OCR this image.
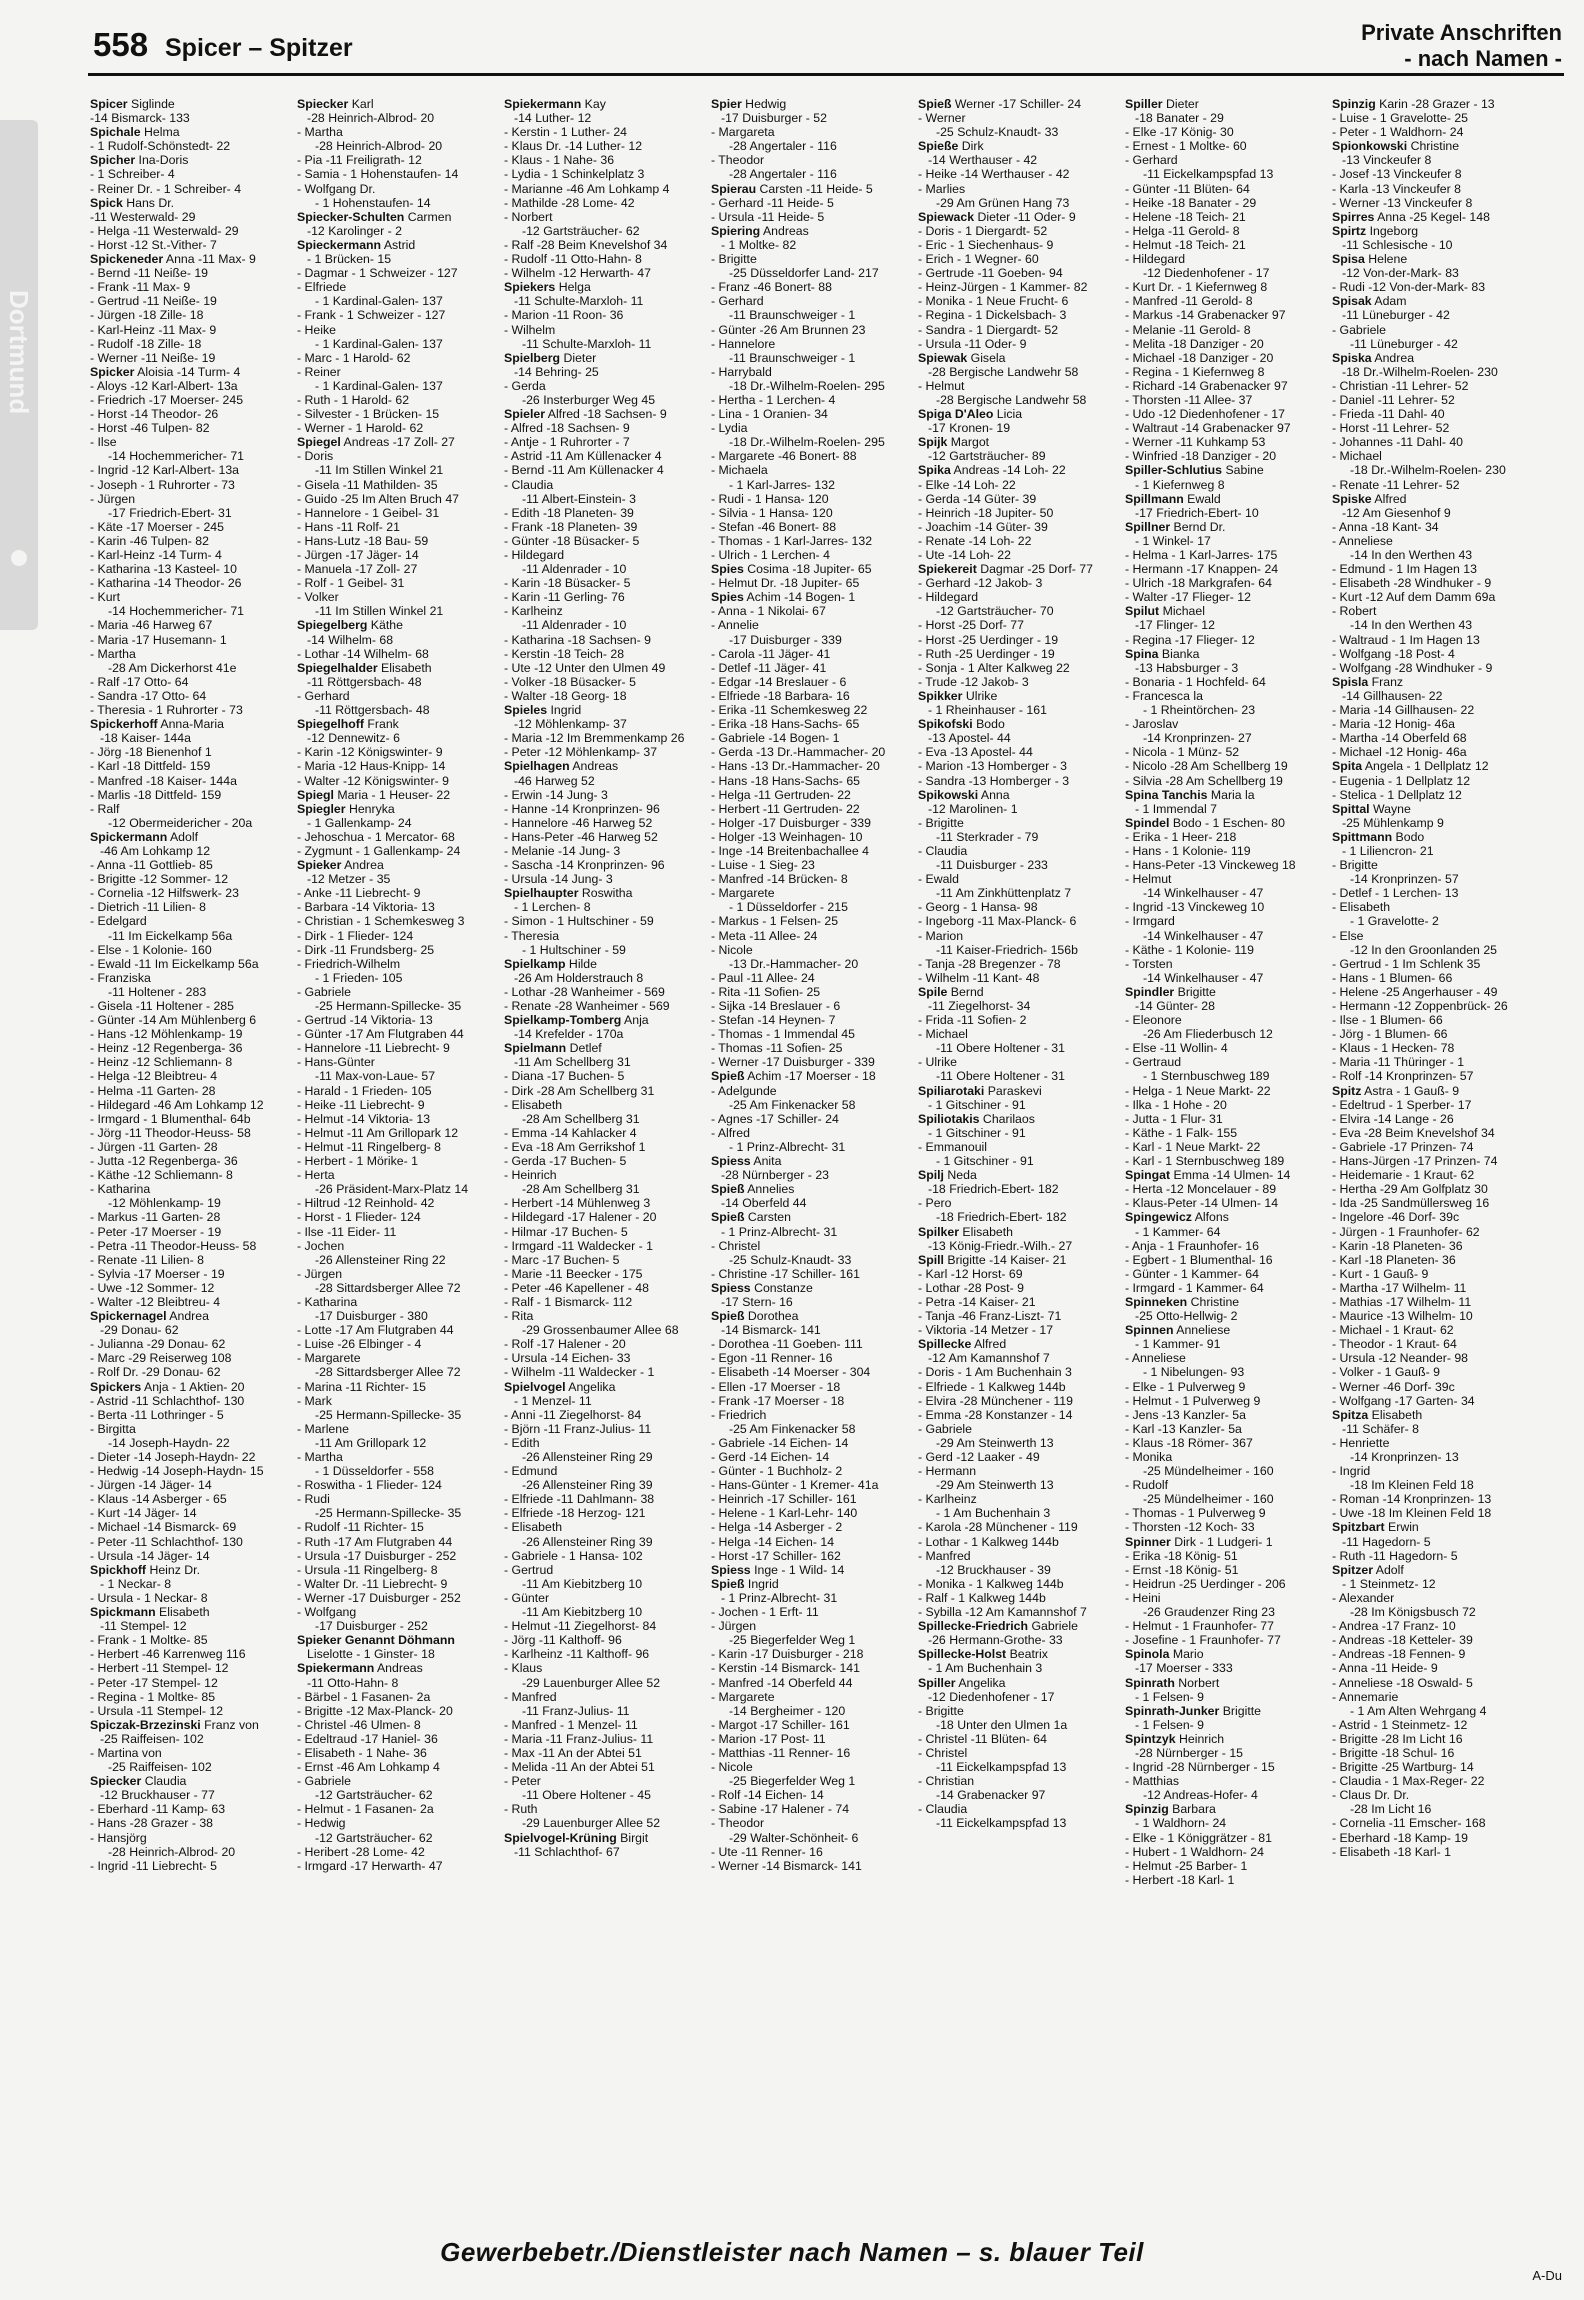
Dortmund
558 Spicer – Spitzer
Private Anschriften
- nach Namen -
Spicer Siglinde
-14 Bismarck- 133
Spichale Helma
- 1 Rudolf-Schönstedt- 22
Spicher Ina-Doris
- 1 Schreiber- 4
- Reiner Dr. - 1 Schreiber- 4
Spick Hans Dr.
-11 Westerwald- 29
- Helga -11 Westerwald- 29
- Horst -12 St.-Vither- 7
Spickeneder Anna -11 Max- 9
- Bernd -11 Neiße- 19
- Frank -11 Max- 9
- Gertrud -11 Neiße- 19
- Jürgen -18 Zille- 18
- Karl-Heinz -11 Max- 9
- Rudolf -18 Zille- 18
- Werner -11 Neiße- 19
Spicker Aloisia -14 Turm- 4
- Aloys -12 Karl-Albert- 13a
- Friedrich -17 Moerser- 245
- Horst -14 Theodor- 26
- Horst -46 Tulpen- 82
- Ilse
-14 Hochemmericher- 71
- Ingrid -12 Karl-Albert- 13a
- Joseph - 1 Ruhrorter - 73
- Jürgen
-17 Friedrich-Ebert- 31
- Käte -17 Moerser - 245
- Karin -46 Tulpen- 82
- Karl-Heinz -14 Turm- 4
- Katharina -13 Kasteel- 10
- Katharina -14 Theodor- 26
- Kurt
-14 Hochemmericher- 71
- Maria -46 Harweg 67
- Maria -17 Husemann- 1
- Martha
-28 Am Dickerhorst 41e
- Ralf -17 Otto- 64
- Sandra -17 Otto- 64
- Theresia - 1 Ruhrorter - 73
Spickerhoff Anna-Maria
-18 Kaiser- 144a
- Jörg -18 Bienenhof 1
- Karl -18 Dittfeld- 159
- Manfred -18 Kaiser- 144a
- Marlis -18 Dittfeld- 159
- Ralf
-12 Obermeidericher - 20a
Spickermann Adolf
-46 Am Lohkamp 12
- Anna -11 Gottlieb- 85
- Brigitte -12 Sommer- 12
- Cornelia -12 Hilfswerk- 23
- Dietrich -11 Lilien- 8
- Edelgard
-11 Im Eickelkamp 56a
- Else - 1 Kolonie- 160
- Ewald -11 Im Eickelkamp 56a
- Franziska
-11 Holtener - 283
- Gisela -11 Holtener - 285
- Günter -14 Am Mühlenberg 6
- Hans -12 Möhlenkamp- 19
- Heinz -12 Regenberga- 36
- Heinz -12 Schliemann- 8
- Helga -12 Bleibtreu- 4
- Helma -11 Garten- 28
- Hildegard -46 Am Lohkamp 12
- Irmgard - 1 Blumenthal- 64b
- Jörg -11 Theodor-Heuss- 58
- Jürgen -11 Garten- 28
- Jutta -12 Regenberga- 36
- Käthe -12 Schliemann- 8
- Katharina
-12 Möhlenkamp- 19
- Markus -11 Garten- 28
- Peter -17 Moerser - 19
- Petra -11 Theodor-Heuss- 58
- Renate -11 Lilien- 8
- Sylvia -17 Moerser - 19
- Uwe -12 Sommer- 12
- Walter -12 Bleibtreu- 4
Spickernagel Andrea
-29 Donau- 62
- Julianna -29 Donau- 62
- Marc -29 Reiserweg 108
- Rolf Dr. -29 Donau- 62
Spickers Anja - 1 Aktien- 20
- Astrid -11 Schlachthof- 130
- Berta -11 Lothringer - 5
- Birgitta
-14 Joseph-Haydn- 22
- Dieter -14 Joseph-Haydn- 22
- Hedwig -14 Joseph-Haydn- 15
- Jürgen -14 Jäger- 14
- Klaus -14 Asberger - 65
- Kurt -14 Jäger- 14
- Michael -14 Bismarck- 69
- Peter -11 Schlachthof- 130
- Ursula -14 Jäger- 14
Spickhoff Heinz Dr.
- 1 Neckar- 8
- Ursula - 1 Neckar- 8
Spickmann Elisabeth
-11 Stempel- 12
- Frank - 1 Moltke- 85
- Herbert -46 Karrenweg 116
- Herbert -11 Stempel- 12
- Peter -17 Stempel- 12
- Regina - 1 Moltke- 85
- Ursula -11 Stempel- 12
Spiczak-Brzezinski Franz von
-25 Raiffeisen- 102
- Martina von
-25 Raiffeisen- 102
Spiecker Claudia
-12 Bruckhauser - 77
- Eberhard -11 Kamp- 63
- Hans -28 Grazer - 38
- Hansjörg
-28 Heinrich-Albrod- 20
- Ingrid -11 Liebrecht- 5
Spiecker Karl
-28 Heinrich-Albrod- 20
- Martha
-28 Heinrich-Albrod- 20
- Pia -11 Freiligrath- 12
- Samia - 1 Hohenstaufen- 14
- Wolfgang Dr.
- 1 Hohenstaufen- 14
Spiecker-Schulten Carmen
-12 Karolinger - 2
Spieckermann Astrid
- 1 Brücken- 15
- Dagmar - 1 Schweizer - 127
- Elfriede
- 1 Kardinal-Galen- 137
- Frank - 1 Schweizer - 127
- Heike
- 1 Kardinal-Galen- 137
- Marc - 1 Harold- 62
- Reiner
- 1 Kardinal-Galen- 137
- Ruth - 1 Harold- 62
- Silvester - 1 Brücken- 15
- Werner - 1 Harold- 62
Spiegel Andreas -17 Zoll- 27
- Doris
-11 Im Stillen Winkel 21
- Gisela -11 Mathilden- 35
- Guido -25 Im Alten Bruch 47
- Hannelore - 1 Geibel- 31
- Hans -11 Rolf- 21
- Hans-Lutz -18 Bau- 59
- Jürgen -17 Jäger- 14
- Manuela -17 Zoll- 27
- Rolf - 1 Geibel- 31
- Volker
-11 Im Stillen Winkel 21
Spiegelberg Käthe
-14 Wilhelm- 68
- Lothar -14 Wilhelm- 68
Spiegelhalder Elisabeth
-11 Röttgersbach- 48
- Gerhard
-11 Röttgersbach- 48
Spiegelhoff Frank
-12 Dennewitz- 6
- Karin -12 Königswinter- 9
- Maria -12 Haus-Knipp- 14
- Walter -12 Königswinter- 9
Spiegl Maria - 1 Heuser- 22
Spiegler Henryka
- 1 Gallenkamp- 24
- Jehoschua - 1 Mercator- 68
- Zygmunt - 1 Gallenkamp- 24
Spieker Andrea
-12 Metzer - 35
- Anke -11 Liebrecht- 9
- Barbara -14 Viktoria- 13
- Christian - 1 Schemkesweg 3
- Dirk - 1 Flieder- 124
- Dirk -11 Frundsberg- 25
- Friedrich-Wilhelm
- 1 Frieden- 105
- Gabriele
-25 Hermann-Spillecke- 35
- Gertrud -14 Viktoria- 13
- Günter -17 Am Flutgraben 44
- Hannelore -11 Liebrecht- 9
- Hans-Günter
-11 Max-von-Laue- 57
- Harald - 1 Frieden- 105
- Heike -11 Liebrecht- 9
- Helmut -14 Viktoria- 13
- Helmut -11 Am Grillopark 12
- Helmut -11 Ringelberg- 8
- Herbert - 1 Mörike- 1
- Herta
-26 Präsident-Marx-Platz 14
- Hiltrud -12 Reinhold- 42
- Horst - 1 Flieder- 124
- Ilse -11 Eider- 11
- Jochen
-26 Allensteiner Ring 22
- Jürgen
-28 Sittardsberger Allee 72
- Katharina
-17 Duisburger - 380
- Lotte -17 Am Flutgraben 44
- Luise -26 Elbinger - 4
- Margarete
-28 Sittardsberger Allee 72
- Marina -11 Richter- 15
- Mark
-25 Hermann-Spillecke- 35
- Marlene
-11 Am Grillopark 12
- Martha
- 1 Düsseldorfer - 558
- Roswitha - 1 Flieder- 124
- Rudi
-25 Hermann-Spillecke- 35
- Rudolf -11 Richter- 15
- Ruth -17 Am Flutgraben 44
- Ursula -17 Duisburger - 252
- Ursula -11 Ringelberg- 8
- Walter Dr. -11 Liebrecht- 9
- Werner -17 Duisburger - 252
- Wolfgang
-17 Duisburger - 252
Spieker Genannt Döhmann
Liselotte - 1 Ginster- 18
Spiekermann Andreas
-11 Otto-Hahn- 8
- Bärbel - 1 Fasanen- 2a
- Brigitte -12 Max-Planck- 20
- Christel -46 Ulmen- 8
- Edeltraud -17 Haniel- 36
- Elisabeth - 1 Nahe- 36
- Ernst -46 Am Lohkamp 4
- Gabriele
-12 Gartsträucher- 62
- Helmut - 1 Fasanen- 2a
- Hedwig
-12 Gartsträucher- 62
- Heribert -28 Lome- 42
- Irmgard -17 Herwarth- 47
Spiekermann Kay
-14 Luther- 12
- Kerstin - 1 Luther- 24
- Klaus Dr. -14 Luther- 12
- Klaus - 1 Nahe- 36
- Lydia - 1 Schinkelplatz 3
- Marianne -46 Am Lohkamp 4
- Mathilde -28 Lome- 42
- Norbert
-12 Gartsträucher- 62
- Ralf -28 Beim Knevelshof 34
- Rudolf -11 Otto-Hahn- 8
- Wilhelm -12 Herwarth- 47
Spiekers Helga
-11 Schulte-Marxloh- 11
- Marion -11 Roon- 36
- Wilhelm
-11 Schulte-Marxloh- 11
Spielberg Dieter
-14 Behring- 25
- Gerda
-26 Insterburger Weg 45
Spieler Alfred -18 Sachsen- 9
- Alfred -18 Sachsen- 9
- Antje - 1 Ruhrorter - 7
- Astrid -11 Am Küllenacker 4
- Bernd -11 Am Küllenacker 4
- Claudia
-11 Albert-Einstein- 3
- Edith -18 Planeten- 39
- Frank -18 Planeten- 39
- Günter -18 Büsacker- 5
- Hildegard
-11 Aldenrader - 10
- Karin -18 Büsacker- 5
- Karin -11 Gerling- 76
- Karlheinz
-11 Aldenrader - 10
- Katharina -18 Sachsen- 9
- Kerstin -18 Teich- 28
- Ute -12 Unter den Ulmen 49
- Volker -18 Büsacker- 5
- Walter -18 Georg- 18
Spieles Ingrid
-12 Möhlenkamp- 37
- Maria -12 Im Bremmenkamp 26
- Peter -12 Möhlenkamp- 37
Spielhagen Andreas
-46 Harweg 52
- Erwin -14 Jung- 3
- Hanne -14 Kronprinzen- 96
- Hannelore -46 Harweg 52
- Hans-Peter -46 Harweg 52
- Melanie -14 Jung- 3
- Sascha -14 Kronprinzen- 96
- Ursula -14 Jung- 3
Spielhaupter Roswitha
- 1 Lerchen- 8
- Simon - 1 Hultschiner - 59
- Theresia
- 1 Hultschiner - 59
Spielkamp Hilde
-26 Am Holderstrauch 8
- Lothar -28 Wanheimer - 569
- Renate -28 Wanheimer - 569
Spielkamp-Tomberg Anja
-14 Krefelder - 170a
Spielmann Detlef
-11 Am Schellberg 31
- Diana -17 Buchen- 5
- Dirk -28 Am Schellberg 31
- Elisabeth
-28 Am Schellberg 31
- Emma -14 Kahlacker 4
- Eva -18 Am Gerrikshof 1
- Gerda -17 Buchen- 5
- Heinrich
-28 Am Schellberg 31
- Herbert -14 Mühlenweg 3
- Hildegard -17 Halener - 20
- Hilmar -17 Buchen- 5
- Irmgard -11 Waldecker - 1
- Marc -17 Buchen- 5
- Marie -11 Beecker - 175
- Peter -46 Kapellener - 48
- Ralf - 1 Bismarck- 112
- Rita
-29 Grossenbaumer Allee 68
- Rolf -17 Halener - 20
- Ursula -14 Eichen- 33
- Wilhelm -11 Waldecker - 1
Spielvogel Angelika
- 1 Menzel- 11
- Anni -11 Ziegelhorst- 84
- Björn -11 Franz-Julius- 11
- Edith
-26 Allensteiner Ring 29
- Edmund
-26 Allensteiner Ring 39
- Elfriede -11 Dahlmann- 38
- Elfriede -18 Herzog- 121
- Elisabeth
-26 Allensteiner Ring 39
- Gabriele - 1 Hansa- 102
- Gertrud
-11 Am Kiebitzberg 10
- Günter
-11 Am Kiebitzberg 10
- Helmut -11 Ziegelhorst- 84
- Jörg -11 Kalthoff- 96
- Karlheinz -11 Kalthoff- 96
- Klaus
-29 Lauenburger Allee 52
- Manfred
-11 Franz-Julius- 11
- Manfred - 1 Menzel- 11
- Maria -11 Franz-Julius- 11
- Max -11 An der Abtei 51
- Melida -11 An der Abtei 51
- Peter
-11 Obere Holtener - 45
- Ruth
-29 Lauenburger Allee 52
Spielvogel-Krüning Birgit
-11 Schlachthof- 67
Spier Hedwig
-17 Duisburger - 52
- Margareta
-28 Angertaler - 116
- Theodor
-28 Angertaler - 116
Spierau Carsten -11 Heide- 5
- Gerhard -11 Heide- 5
- Ursula -11 Heide- 5
Spiering Andreas
- 1 Moltke- 82
- Brigitte
-25 Düsseldorfer Land- 217
- Franz -46 Bonert- 88
- Gerhard
-11 Braunschweiger - 1
- Günter -26 Am Brunnen 23
- Hannelore
-11 Braunschweiger - 1
- Harrybald
-18 Dr.-Wilhelm-Roelen- 295
- Hertha - 1 Lerchen- 4
- Lina - 1 Oranien- 34
- Lydia
-18 Dr.-Wilhelm-Roelen- 295
- Margarete -46 Bonert- 88
- Michaela
- 1 Karl-Jarres- 132
- Rudi - 1 Hansa- 120
- Silvia - 1 Hansa- 120
- Stefan -46 Bonert- 88
- Thomas - 1 Karl-Jarres- 132
- Ulrich - 1 Lerchen- 4
Spies Cosima -18 Jupiter- 65
- Helmut Dr. -18 Jupiter- 65
Spies Achim -14 Bogen- 1
- Anna - 1 Nikolai- 67
- Annelie
-17 Duisburger - 339
- Carola -11 Jäger- 41
- Detlef -11 Jäger- 41
- Edgar -14 Breslauer - 6
- Elfriede -18 Barbara- 16
- Erika -11 Schemkesweg 22
- Erika -18 Hans-Sachs- 65
- Gabriele -14 Bogen- 1
- Gerda -13 Dr.-Hammacher- 20
- Hans -13 Dr.-Hammacher- 20
- Hans -18 Hans-Sachs- 65
- Helga -11 Gertruden- 22
- Herbert -11 Gertruden- 22
- Holger -17 Duisburger - 339
- Holger -13 Weinhagen- 10
- Inge -14 Breitenbachallee 4
- Luise - 1 Sieg- 23
- Manfred -14 Brücken- 8
- Margarete
- 1 Düsseldorfer - 215
- Markus - 1 Felsen- 25
- Meta -11 Allee- 24
- Nicole
-13 Dr.-Hammacher- 20
- Paul -11 Allee- 24
- Rita -11 Sofien- 25
- Sijka -14 Breslauer - 6
- Stefan -14 Heynen- 7
- Thomas - 1 Immendal 45
- Thomas -11 Sofien- 25
- Werner -17 Duisburger - 339
Spieß Achim -17 Moerser - 18
- Adelgunde
-25 Am Finkenacker 58
- Agnes -17 Schiller- 24
- Alfred
- 1 Prinz-Albrecht- 31
Spiess Anita
-28 Nürnberger - 23
Spieß Annelies
-14 Oberfeld 44
Spieß Carsten
- 1 Prinz-Albrecht- 31
- Christel
-25 Schulz-Knaudt- 33
- Christine -17 Schiller- 161
Spiess Constanze
-17 Stern- 16
Spieß Dorothea
-14 Bismarck- 141
- Dorothea -11 Goeben- 111
- Egon -11 Renner- 16
- Elisabeth -14 Moerser - 304
- Ellen -17 Moerser - 18
- Frank -17 Moerser - 18
- Friedrich
-25 Am Finkenacker 58
- Gabriele -14 Eichen- 14
- Gerd -14 Eichen- 14
- Günter - 1 Buchholz- 2
- Hans-Günter - 1 Kremer- 41a
- Heinrich -17 Schiller- 161
- Helene - 1 Karl-Lehr- 140
- Helga -14 Asberger - 2
- Helga -14 Eichen- 14
- Horst -17 Schiller- 162
Spiess Inge - 1 Wild- 14
Spieß Ingrid
- 1 Prinz-Albrecht- 31
- Jochen - 1 Erft- 11
- Jürgen
-25 Biegerfelder Weg 1
- Karin -17 Duisburger - 218
- Kerstin -14 Bismarck- 141
- Manfred -14 Oberfeld 44
- Margarete
-14 Bergheimer - 120
- Margot -17 Schiller- 161
- Marion -17 Post- 11
- Matthias -11 Renner- 16
- Nicole
-25 Biegerfelder Weg 1
- Rolf -14 Eichen- 14
- Sabine -17 Halener - 74
- Theodor
-29 Walter-Schönheit- 6
- Ute -11 Renner- 16
- Werner -14 Bismarck- 141
Spieß Werner -17 Schiller- 24
- Werner
-25 Schulz-Knaudt- 33
Spieße Dirk
-14 Werthauser - 42
- Heike -14 Werthauser - 42
- Marlies
-29 Am Grünen Hang 73
Spiewack Dieter -11 Oder- 9
- Doris - 1 Diergardt- 52
- Eric - 1 Siechenhaus- 9
- Erich - 1 Wegner- 60
- Gertrude -11 Goeben- 94
- Heinz-Jürgen - 1 Kammer- 82
- Monika - 1 Neue Frucht- 6
- Regina - 1 Dickelsbach- 3
- Sandra - 1 Diergardt- 52
- Ursula -11 Oder- 9
Spiewak Gisela
-28 Bergische Landwehr 58
- Helmut
-28 Bergische Landwehr 58
Spiga D'Aleo Licia
-17 Kronen- 19
Spijk Margot
-12 Gartsträucher- 89
Spika Andreas -14 Loh- 22
- Elke -14 Loh- 22
- Gerda -14 Güter- 39
- Heinrich -18 Jupiter- 50
- Joachim -14 Güter- 39
- Renate -14 Loh- 22
- Ute -14 Loh- 22
Spiekereit Dagmar -25 Dorf- 77
- Gerhard -12 Jakob- 3
- Hildegard
-12 Gartsträucher- 70
- Horst -25 Dorf- 77
- Horst -25 Uerdinger - 19
- Ruth -25 Uerdinger - 19
- Sonja - 1 Alter Kalkweg 22
- Trude -12 Jakob- 3
Spikker Ulrike
- 1 Rheinhauser - 161
Spikofski Bodo
-13 Apostel- 44
- Eva -13 Apostel- 44
- Marion -13 Homberger - 3
- Sandra -13 Homberger - 3
Spikowski Anna
-12 Marolinen- 1
- Brigitte
-11 Sterkrader - 79
- Claudia
-11 Duisburger - 233
- Ewald
-11 Am Zinkhüttenplatz 7
- Georg - 1 Hansa- 98
- Ingeborg -11 Max-Planck- 6
- Marion
-11 Kaiser-Friedrich- 156b
- Tanja -28 Bregenzer - 78
- Wilhelm -11 Kant- 48
Spile Bernd
-11 Ziegelhorst- 34
- Frida -11 Sofien- 2
- Michael
-11 Obere Holtener - 31
- Ulrike
-11 Obere Holtener - 31
Spiliarotaki Paraskevi
- 1 Gitschiner - 91
Spiliotakis Charilaos
- 1 Gitschiner - 91
- Emmanouil
- 1 Gitschiner - 91
Spilj Neda
-18 Friedrich-Ebert- 182
- Pero
-18 Friedrich-Ebert- 182
Spilker Elisabeth
-13 König-Friedr.-Wilh.- 27
Spill Brigitte -14 Kaiser- 21
- Karl -12 Horst- 69
- Lothar -28 Post- 9
- Petra -14 Kaiser- 21
- Tanja -46 Franz-Liszt- 71
- Viktoria -14 Metzer - 17
Spillecke Alfred
-12 Am Kamannshof 7
- Doris - 1 Am Buchenhain 3
- Elfriede - 1 Kalkweg 144b
- Elvira -28 Münchener - 119
- Emma -28 Konstanzer - 14
- Gabriele
-29 Am Steinwerth 13
- Gerd -12 Laaker - 49
- Hermann
-29 Am Steinwerth 13
- Karlheinz
- 1 Am Buchenhain 3
- Karola -28 Münchener - 119
- Lothar - 1 Kalkweg 144b
- Manfred
-12 Bruckhauser - 39
- Monika - 1 Kalkweg 144b
- Ralf - 1 Kalkweg 144b
- Sybilla -12 Am Kamannshof 7
Spillecke-Friedrich Gabriele
-26 Hermann-Grothe- 33
Spillecke-Holst Beatrix
- 1 Am Buchenhain 3
Spiller Angelika
-12 Diedenhofener - 17
- Brigitte
-18 Unter den Ulmen 1a
- Christel -11 Blüten- 64
- Christel
-11 Eickelkampspfad 13
- Christian
-14 Grabenacker 97
- Claudia
-11 Eickelkampspfad 13
Spiller Dieter
-18 Banater - 29
- Elke -17 König- 30
- Ernest - 1 Moltke- 60
- Gerhard
-11 Eickelkampspfad 13
- Günter -11 Blüten- 64
- Heike -18 Banater - 29
- Helene -18 Teich- 21
- Helga -11 Gerold- 8
- Helmut -18 Teich- 21
- Hildegard
-12 Diedenhofener - 17
- Kurt Dr. - 1 Kiefernweg 8
- Manfred -11 Gerold- 8
- Markus -14 Grabenacker 97
- Melanie -11 Gerold- 8
- Melita -18 Danziger - 20
- Michael -18 Danziger - 20
- Regina - 1 Kiefernweg 8
- Richard -14 Grabenacker 97
- Thorsten -11 Allee- 37
- Udo -12 Diedenhofener - 17
- Waltraut -14 Grabenacker 97
- Werner -11 Kuhkamp 53
- Winfried -18 Danziger - 20
Spiller-Schlutius Sabine
- 1 Kiefernweg 8
Spillmann Ewald
-17 Friedrich-Ebert- 10
Spillner Bernd Dr.
- 1 Winkel- 17
- Helma - 1 Karl-Jarres- 175
- Hermann -17 Knappen- 24
- Ulrich -18 Markgrafen- 64
- Walter -17 Flieger- 12
Spilut Michael
-17 Flinger- 12
- Regina -17 Flieger- 12
Spina Bianka
-13 Habsburger - 3
- Bonaria - 1 Hochfeld- 64
- Francesca la
- 1 Rheintörchen- 23
- Jaroslav
-14 Kronprinzen- 27
- Nicola - 1 Münz- 52
- Nicolo -28 Am Schellberg 19
- Silvia -28 Am Schellberg 19
Spina Tanchis Maria la
- 1 Immendal 7
Spindel Bodo - 1 Eschen- 80
- Erika - 1 Heer- 218
- Hans - 1 Kolonie- 119
- Hans-Peter -13 Vinckeweg 18
- Helmut
-14 Winkelhauser - 47
- Ingrid -13 Vinckeweg 10
- Irmgard
-14 Winkelhauser - 47
- Käthe - 1 Kolonie- 119
- Torsten
-14 Winkelhauser - 47
Spindler Brigitte
-14 Günter- 28
- Eleonore
-26 Am Fliederbusch 12
- Else -11 Wollin- 4
- Gertraud
- 1 Sternbuschweg 189
- Helga - 1 Neue Markt- 22
- Ilka - 1 Hohe - 20
- Jutta - 1 Flur- 31
- Käthe - 1 Falk- 155
- Karl - 1 Neue Markt- 22
- Karl - 1 Sternbuschweg 189
Spingat Emma -14 Ulmen- 14
- Herta -12 Moncelauer - 89
- Klaus-Peter -14 Ulmen- 14
Spingewicz Alfons
- 1 Kammer- 64
- Anja - 1 Fraunhofer- 16
- Egbert - 1 Blumenthal- 16
- Günter - 1 Kammer- 64
- Irmgard - 1 Kammer- 64
Spinneken Christine
-25 Otto-Hellwig- 2
Spinnen Anneliese
- 1 Kammer- 91
- Anneliese
- 1 Nibelungen- 93
- Elke - 1 Pulverweg 9
- Helmut - 1 Pulverweg 9
- Jens -13 Kanzler- 5a
- Karl -13 Kanzler- 5a
- Klaus -18 Römer- 367
- Monika
-25 Mündelheimer - 160
- Rudolf
-25 Mündelheimer - 160
- Thomas - 1 Pulverweg 9
- Thorsten -12 Koch- 33
Spinner Dirk - 1 Ludgeri- 1
- Erika -18 König- 51
- Ernst -18 König- 51
- Heidrun -25 Uerdinger - 206
- Heini
-26 Graudenzer Ring 23
- Helmut - 1 Fraunhofer- 77
- Josefine - 1 Fraunhofer- 77
Spinola Mario
-17 Moerser - 333
Spinrath Norbert
- 1 Felsen- 9
Spinrath-Junker Brigitte
- 1 Felsen- 9
Spintzyk Heinrich
-28 Nürnberger - 15
- Ingrid -28 Nürnberger - 15
- Matthias
-12 Andreas-Hofer- 4
Spinzig Barbara
- 1 Waldhorn- 24
- Elke - 1 Königgrätzer - 81
- Hubert - 1 Waldhorn- 24
- Helmut -25 Barber- 1
- Herbert -18 Karl- 1
Spinzig Karin -28 Grazer - 13
- Luise - 1 Gravelotte- 25
- Peter - 1 Waldhorn- 24
Spionkowski Christine
-13 Vinckeufer 8
- Josef -13 Vinckeufer 8
- Karla -13 Vinckeufer 8
- Werner -13 Vinckeufer 8
Spirres Anna -25 Kegel- 148
Spirtz Ingeborg
-11 Schlesische - 10
Spisa Helene
-12 Von-der-Mark- 83
- Rudi -12 Von-der-Mark- 83
Spisak Adam
-11 Lüneburger - 42
- Gabriele
-11 Lüneburger - 42
Spiska Andrea
-18 Dr.-Wilhelm-Roelen- 230
- Christian -11 Lehrer- 52
- Daniel -11 Lehrer- 52
- Frieda -11 Dahl- 40
- Horst -11 Lehrer- 52
- Johannes -11 Dahl- 40
- Michael
-18 Dr.-Wilhelm-Roelen- 230
- Renate -11 Lehrer- 52
Spiske Alfred
-12 Am Giesenhof 9
- Anna -18 Kant- 34
- Anneliese
-14 In den Werthen 43
- Edmund - 1 Im Hagen 13
- Elisabeth -28 Windhuker - 9
- Kurt -12 Auf dem Damm 69a
- Robert
-14 In den Werthen 43
- Waltraud - 1 Im Hagen 13
- Wolfgang -18 Post- 4
- Wolfgang -28 Windhuker - 9
Spisla Franz
-14 Gillhausen- 22
- Maria -14 Gillhausen- 22
- Maria -12 Honig- 46a
- Martha -14 Oberfeld 68
- Michael -12 Honig- 46a
Spita Angela - 1 Dellplatz 12
- Eugenia - 1 Dellplatz 12
- Stelica - 1 Dellplatz 12
Spittal Wayne
-25 Mühlenkamp 9
Spittmann Bodo
- 1 Liliencron- 21
- Brigitte
-14 Kronprinzen- 57
- Detlef - 1 Lerchen- 13
- Elisabeth
- 1 Gravelotte- 2
- Else
-12 In den Groonlanden 25
- Gertrud - 1 Im Schlenk 35
- Hans - 1 Blumen- 66
- Helene -25 Angerhauser - 49
- Hermann -12 Zoppenbrück- 26
- Ilse - 1 Blumen- 66
- Jörg - 1 Blumen- 66
- Klaus - 1 Hecken- 78
- Maria -11 Thüringer - 1
- Rolf -14 Kronprinzen- 57
Spitz Astra - 1 Gauß- 9
- Edeltrud - 1 Sperber- 17
- Elvira -14 Lange - 26
- Eva -28 Beim Knevelshof 34
- Gabriele -17 Prinzen- 74
- Hans-Jürgen -17 Prinzen- 74
- Heidemarie - 1 Kraut- 62
- Hertha -29 Am Golfplatz 30
- Ida -25 Sandmüllersweg 16
- Ingelore -46 Dorf- 39c
- Jürgen - 1 Fraunhofer- 62
- Karin -18 Planeten- 36
- Karl -18 Planeten- 36
- Kurt - 1 Gauß- 9
- Martha -17 Wilhelm- 11
- Mathias -17 Wilhelm- 11
- Maurice -13 Wilhelm- 10
- Michael - 1 Kraut- 62
- Theodor - 1 Kraut- 64
- Ursula -12 Neander- 98
- Volker - 1 Gauß- 9
- Werner -46 Dorf- 39c
- Wolfgang -17 Garten- 34
Spitza Elisabeth
-11 Schäfer- 8
- Henriette
-14 Kronprinzen- 13
- Ingrid
-18 Im Kleinen Feld 18
- Roman -14 Kronprinzen- 13
- Uwe -18 Im Kleinen Feld 18
Spitzbart Erwin
-11 Hagedorn- 5
- Ruth -11 Hagedorn- 5
Spitzer Adolf
- 1 Steinmetz- 12
- Alexander
-28 Im Königsbusch 72
- Andrea -17 Franz- 10
- Andreas -18 Ketteler- 39
- Andreas -18 Fennen- 9
- Anna -11 Heide- 9
- Anneliese -18 Oswald- 5
- Annemarie
- 1 Am Alten Wehrgang 4
- Astrid - 1 Steinmetz- 12
- Brigitte -28 Im Licht 16
- Brigitte -18 Schul- 16
- Brigitte -25 Wartburg- 14
- Claudia - 1 Max-Reger- 22
- Claus Dr. Dr.
-28 Im Licht 16
- Cornelia -11 Emscher- 168
- Eberhard -18 Kamp- 19
- Elisabeth -18 Karl- 1
Gewerbebetr./Dienstleister nach Namen – s. blauer Teil
A-Du
